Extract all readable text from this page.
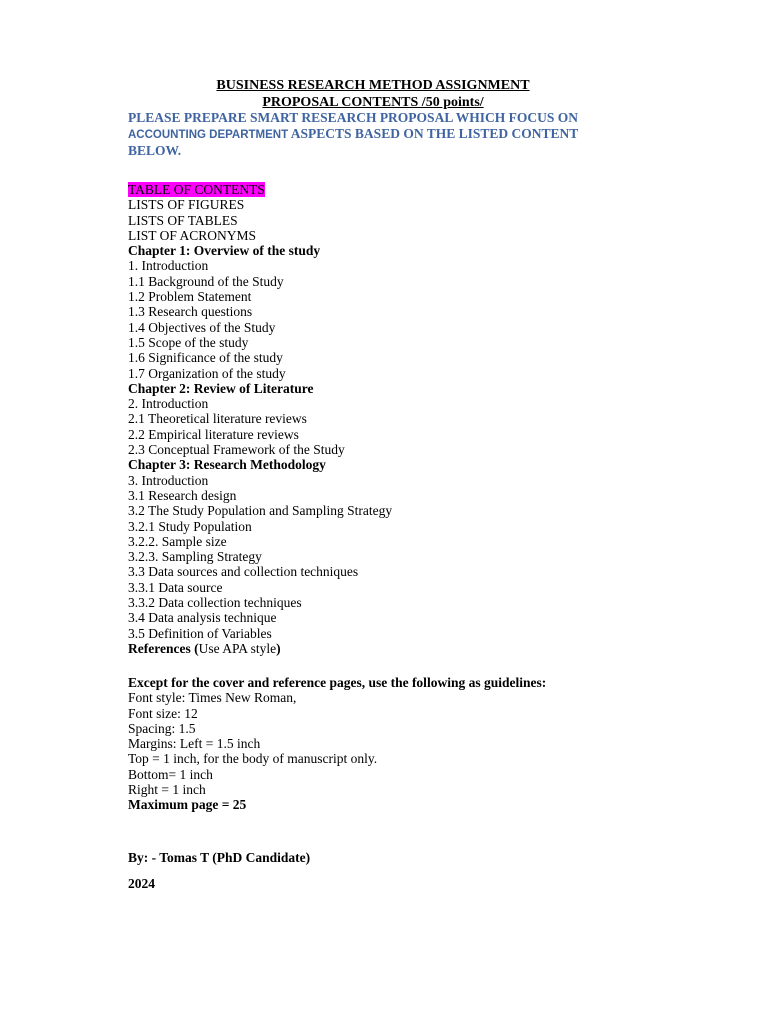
BUSINESS RESEARCH METHOD ASSIGNMENT
PROPOSAL CONTENTS /50 points/
PLEASE PREPARE SMART RESEARCH PROPOSAL WHICH FOCUS ON ACCOUNTING DEPARTMENT ASPECTS BASED ON THE LISTED CONTENT BELOW.
TABLE OF CONTENTS
LISTS OF FIGURES
LISTS OF TABLES
LIST OF ACRONYMS
Chapter 1: Overview of the study
1. Introduction
1.1 Background of the Study
1.2 Problem Statement
1.3 Research questions
1.4 Objectives of the Study
1.5 Scope of the study
1.6 Significance of the study
1.7 Organization of the study
Chapter 2: Review of Literature
2. Introduction
2.1 Theoretical literature reviews
2.2 Empirical literature reviews
2.3 Conceptual Framework of the Study
Chapter 3: Research Methodology
3. Introduction
3.1 Research design
3.2 The Study Population and Sampling Strategy
3.2.1 Study Population
3.2.2. Sample size
3.2.3. Sampling Strategy
3.3 Data sources and collection techniques
3.3.1 Data source
3.3.2 Data collection techniques
3.4 Data analysis technique
3.5 Definition of Variables
References (Use APA style)
Except for the cover and reference pages, use the following as guidelines:
Font style: Times New Roman,
Font size: 12
Spacing: 1.5
Margins: Left = 1.5 inch
Top = 1 inch, for the body of manuscript only.
Bottom= 1 inch
Right = 1 inch
Maximum page = 25
By: - Tomas T (PhD Candidate)
2024
